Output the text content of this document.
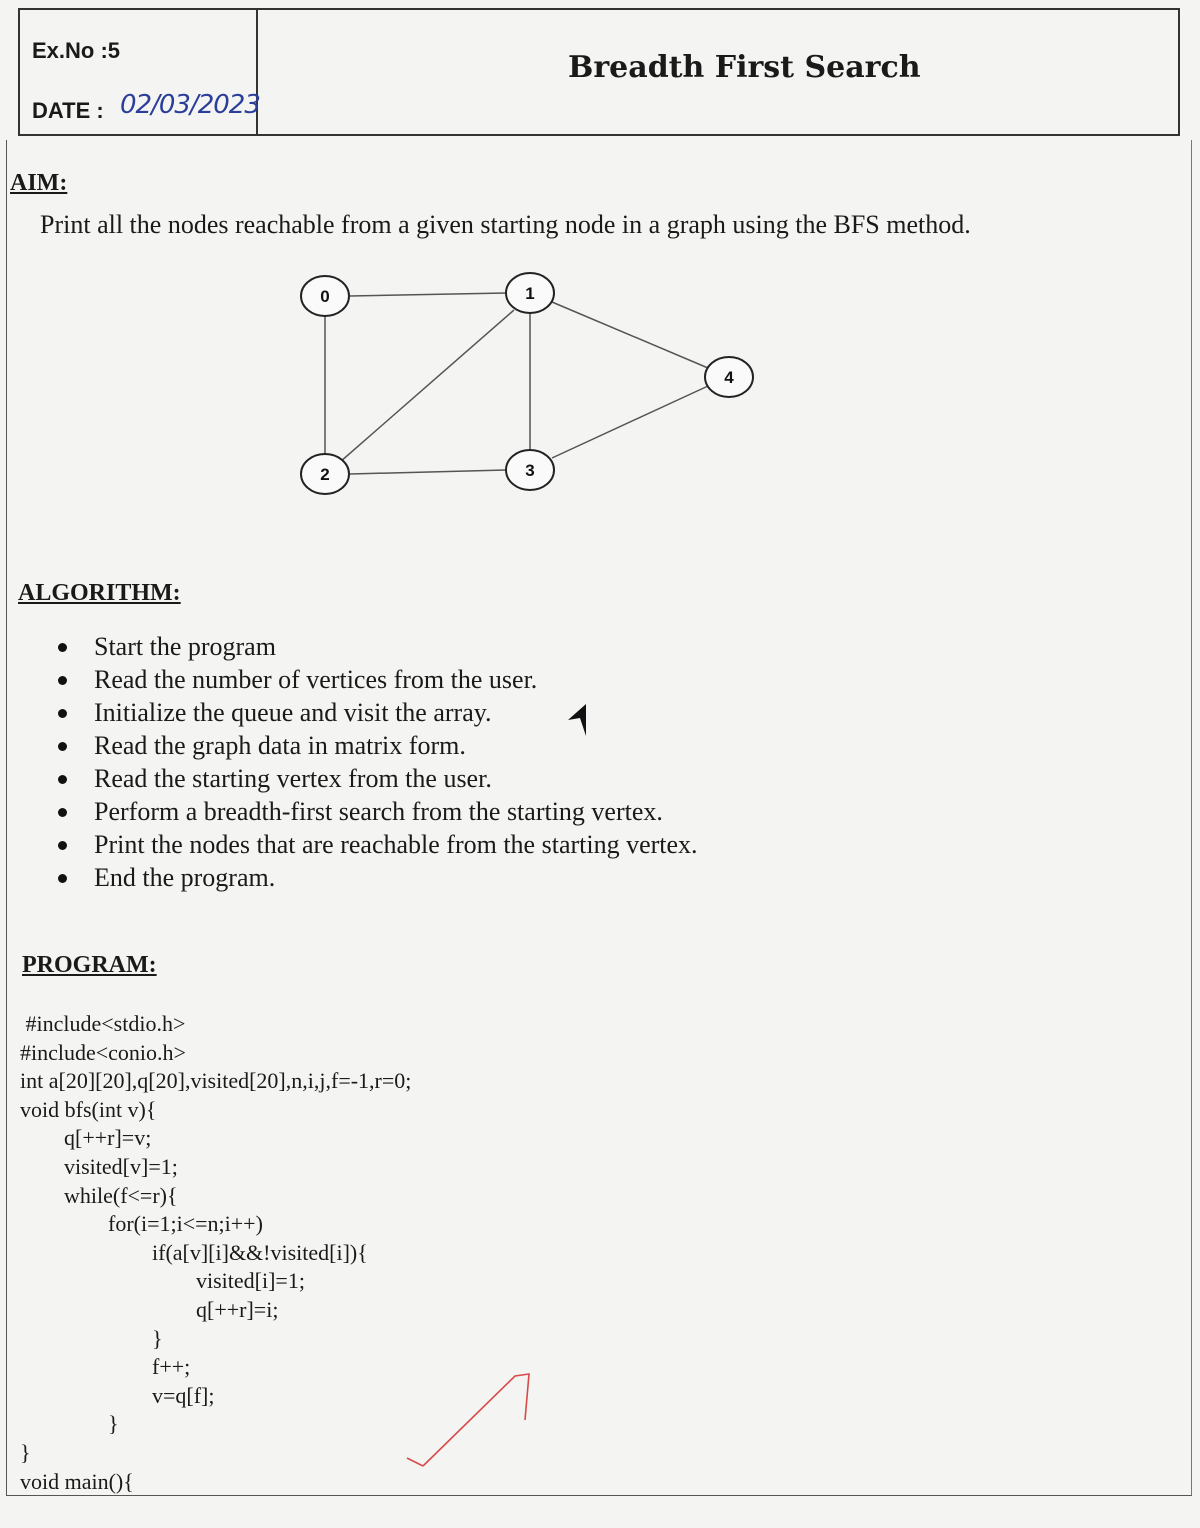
Ex.No :5
DATE : 02/03/2023
Breadth First Search
AIM:
Print all the nodes reachable from a given starting node in a graph using the BFS method.
0	1
2	3
4
ALGORITHM:
Start the program
Read the number of vertices from the user.
Initialize the queue and visit the array.
Read the graph data in matrix form.
Read the starting vertex from the user.
Perform a breadth-first search from the starting vertex.
Print the nodes that are reachable from the starting vertex.
End the program.
PROGRAM:
#include<stdio.h>
#include<conio.h>
int a[20][20],q[20],visited[20],n,i,j,f=-1,r=0;
void bfs(int v){
q[++r]=v;
visited[v]=1;
while(f<=r){
for(i=1;i<=n;i++)
if(a[v][i]&&!visited[i]){
visited[i]=1;
q[++r]=i;
}
f++;
v=q[f];
}
}
void main(){
